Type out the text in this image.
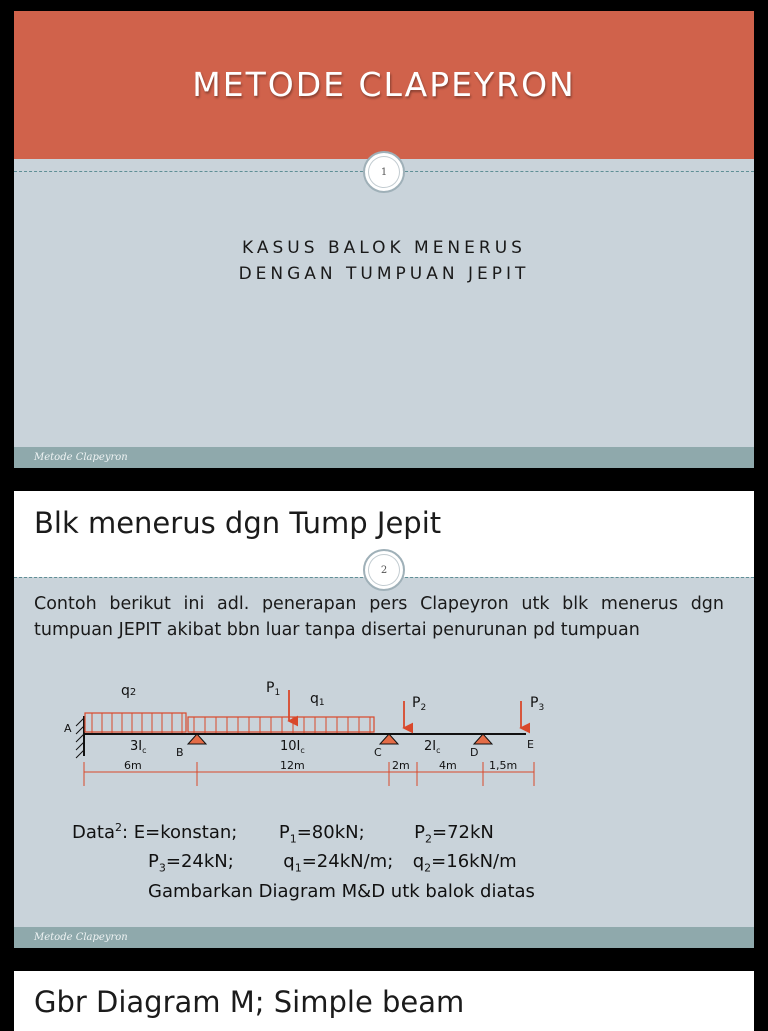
METODE CLAPEYRON
1
KASUS BALOK MENERUS
DENGAN TUMPUAN JEPIT
Metode Clapeyron
Blk menerus dgn Tump Jepit
2
Contoh berikut ini adl. penerapan pers Clapeyron utk blk menerus dgn tumpuan JEPIT akibat bbn luar tanpa disertai penurunan pd tumpuan
A
q2	$P_1$ q1	$P_2$	$P_3$
B	C	D
E
$3I_c$	$10I_c$	$2I_c$
6m	12m	2m	4m	1,5m
Data$^2$: E=konstan; $P_1=80kN$;	$P_2=72kN$
$P_3=24kN$;	$q_1=24kN/m$; $q_2=16kN/m$
Gambarkan Diagram M&D utk balok diatas
Metode Clapeyron
Gbr Diagram M; Simple beam
